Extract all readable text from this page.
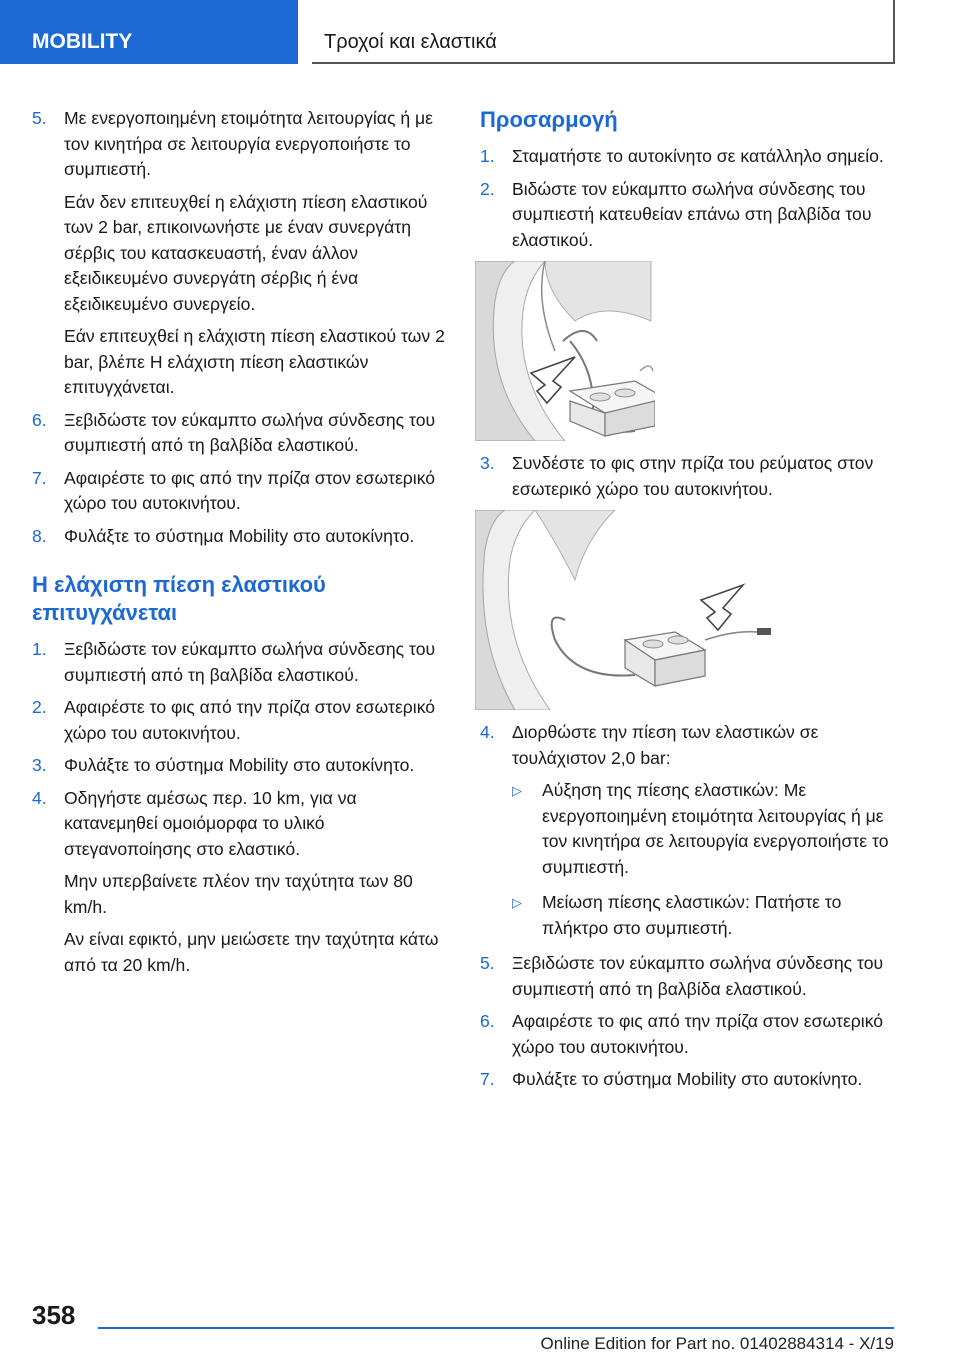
MOBILITY	Τροχοί και ελαστικά
5. Με ενεργοποιημένη ετοιμότητα λειτουργίας ή με τον κινητήρα σε λειτουργία ενεργοποιήστε το συμπιεστή.
Εάν δεν επιτευχθεί η ελάχιστη πίεση ελαστικού των 2 bar, επικοινωνήστε με έναν συνεργάτη σέρβις του κατασκευαστή, έναν άλλον εξειδικευμένο συνεργάτη σέρβις ή ένα εξειδικευμένο συνεργείο.
Εάν επιτευχθεί η ελάχιστη πίεση ελαστικού των 2 bar, βλέπε Η ελάχιστη πίεση ελαστικών επιτυγχάνεται.
6. Ξεβιδώστε τον εύκαμπτο σωλήνα σύνδεσης του συμπιεστή από τη βαλβίδα ελαστικού.
7. Αφαιρέστε το φις από την πρίζα στον εσωτερικό χώρο του αυτοκινήτου.
8. Φυλάξτε το σύστημα Mobility στο αυτοκίνητο.
Η ελάχιστη πίεση ελαστικού επιτυγχάνεται
1. Ξεβιδώστε τον εύκαμπτο σωλήνα σύνδεσης του συμπιεστή από τη βαλβίδα ελαστικού.
2. Αφαιρέστε το φις από την πρίζα στον εσωτερικό χώρο του αυτοκινήτου.
3. Φυλάξτε το σύστημα Mobility στο αυτοκίνητο.
4. Οδηγήστε αμέσως περ. 10 km, για να κατανεμηθεί ομοιόμορφα το υλικό στεγανοποίησης στο ελαστικό.
Μην υπερβαίνετε πλέον την ταχύτητα των 80 km/h.
Αν είναι εφικτό, μην μειώσετε την ταχύτητα κάτω από τα 20 km/h.
Προσαρμογή
1. Σταματήστε το αυτοκίνητο σε κατάλληλο σημείο.
2. Βιδώστε τον εύκαμπτο σωλήνα σύνδεσης του συμπιεστή κατευθείαν επάνω στη βαλβίδα του ελαστικού.
3. Συνδέστε το φις στην πρίζα του ρεύματος στον εσωτερικό χώρο του αυτοκινήτου.
4. Διορθώστε την πίεση των ελαστικών σε τουλάχιστον 2,0 bar:
▷	Αύξηση της πίεσης ελαστικών: Με ενεργοποιημένη ετοιμότητα λειτουργίας ή με τον κινητήρα σε λειτουργία ενεργοποιήστε το συμπιεστή.
▷	Μείωση πίεσης ελαστικών: Πατήστε το πλήκτρο στο συμπιεστή.
5. Ξεβιδώστε τον εύκαμπτο σωλήνα σύνδεσης του συμπιεστή από τη βαλβίδα ελαστικού.
6. Αφαιρέστε το φις από την πρίζα στον εσωτερικό χώρο του αυτοκινήτου.
7. Φυλάξτε το σύστημα Mobility στο αυτοκίνητο.
358
Online Edition for Part no. 01402884314 - X/19
